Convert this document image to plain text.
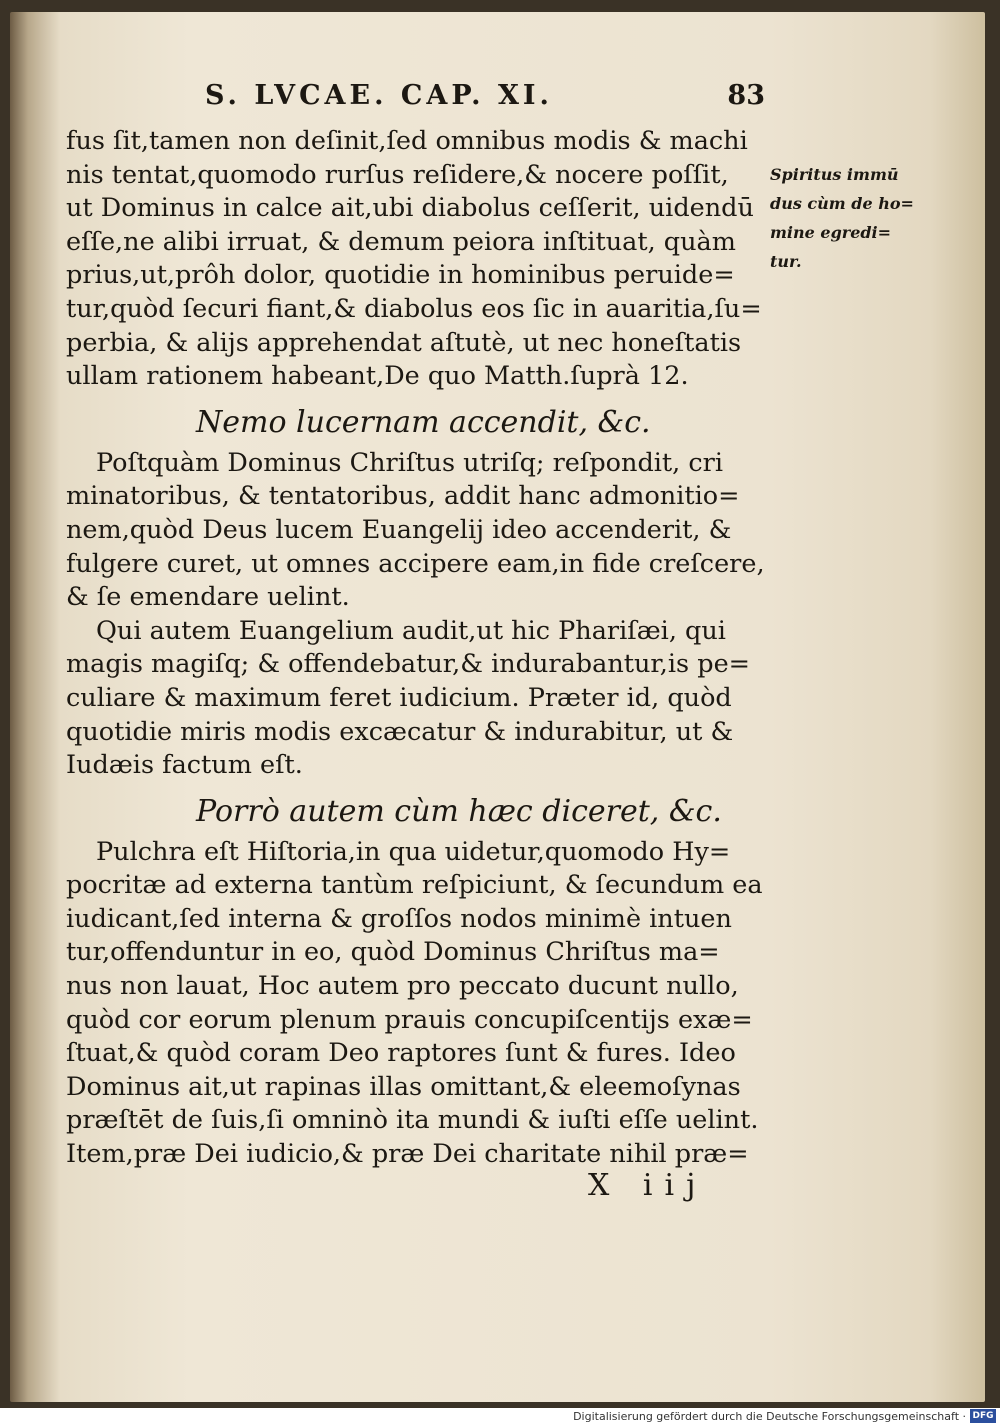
S. LVCAE. CAP. XI.	83

fus ſit,tamen non deſinit,ſed omnibus modis & machi
nis tentat,quomodo rurſus reſidere,& nocere poſſit,
ut Dominus in calce ait,ubi diabolus ceſſerit, uidendū
eſſe,ne alibi irruat, & demum peiora inſtituat, quàm
prius,ut,prôh dolor, quotidie in hominibus peruide=
tur,quòd ſecuri fiant,& diabolus eos ſic in auaritia,ſu=
perbia, & alijs apprehendat aſtutè, ut nec honeſtatis
ullam rationem habeant,De quo Matth.ſuprà 12.

Nemo lucernam accendit, &c.

Poſtquàm Dominus Chriſtus utriſq; reſpondit, cri
minatoribus, & tentatoribus, addit hanc admonitio=
nem,quòd Deus lucem Euangelij ideo accenderit, &
fulgere curet, ut omnes accipere eam,in fide creſcere,
& ſe emendare uelint.

Qui autem Euangelium audit,ut hic Phariſæi, qui
magis magiſq; & offendebatur,& indurabantur,is pe=
culiare & maximum feret iudicium. Præter id, quòd
quotidie miris modis excæcatur & indurabitur, ut &
Iudæis factum eſt.

Porrò autem cùm hæc diceret, &c.

Pulchra eſt Hiſtoria,in qua uidetur,quomodo Hy=
pocritæ ad externa tantùm reſpiciunt, & ſecundum ea
iudicant,ſed interna & groſſos nodos minimè intuen
tur,offenduntur in eo, quòd Dominus Chriſtus ma=
nus non lauat, Hoc autem pro peccato ducunt nullo,
quòd cor eorum plenum prauis concupiſcentijs exæ=
ſtuat,& quòd coram Deo raptores ſunt & fures. Ideo
Dominus ait,ut rapinas illas omittant,& eleemoſynas
præſtēt de ſuis,ſi omninò ita mundi & iuſti eſſe uelint.
Item,præ Dei iudicio,& præ Dei charitate nihil præ=

Spiritus immū
dus cùm de ho=
mine egredi=
tur.
X iij
Digitalisierung gefördert durch die Deutsche Forschungsgemeinschaft · DFG
